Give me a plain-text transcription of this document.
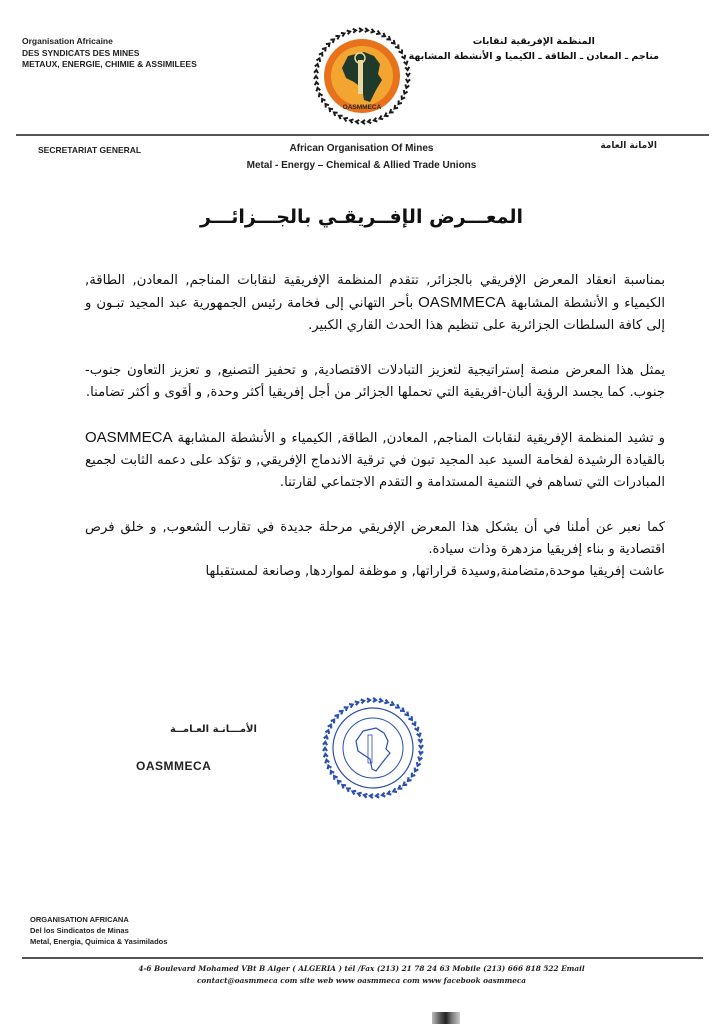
Organisation Africaine
DES SYNDICATS DES MINES
METAUX, ENERGIE, CHIMIE & ASSIMILEES
المنظمة الإفريقية لنقابات
مناجم ـ المعادن ـ الطاقة ـ الكيميا و الأنشطة المشابهة
OASMMECA
SECRETARIAT GENERAL	الامانة العامة
African Organisation Of Mines
Metal - Energy – Chemical & Allied Trade Unions
المعـــرض الإفــريقـي بالجـــزائـــر

بمناسبة انعقاد المعرض الإفريقي بالجزائر, تتقدم المنظمة الإفريقية لنقابات المناجم, المعادن, الطاقة, الكيمياء و الأنشطة المشابهة OASMMECA بأحر التهاني إلى فخامة رئيس الجمهورية عبد المجيد تبـون و إلى كافة السلطات الجزائرية على تنظيم هذا الحدث القاري الكبير.

يمثل هذا المعرض منصة إستراتيجية لتعزيز التبادلات الاقتصادية, و تحفيز التصنيع, و تعزيز التعاون جنوب-جنوب. كما يجسد الرؤية ألبان-افريقية التي تحملها الجزائر من أجل إفريقيا أكثر وحدة, و أقوى و أكثر تضامنا.

و تشيد المنظمة الإفريقية لنقابات المناجم, المعادن, الطاقة, الكيمياء و الأنشطة المشابهة OASMMECA بالقيادة الرشيدة لفخامة السيد عبد المجيد تبون في ترقية الاندماج الإفريقي, و تؤكد على دعمه الثابت لجميع المبادرات التي تساهم في التنمية المستدامة و التقدم الاجتماعي لقارتنا.

كما نعبر عن أملنا في أن يشكل هذا المعرض الإفريقي مرحلة جديدة في تقارب الشعوب, و خلق فرص اقتصادية و بناء إفريقيا مزدهرة وذات سيادة.
عاشت إفريقيا موحدة,متضامنة,وسيدة قراراتها, و موظفة لمواردها, وصانعة لمستقبلها

الأمـــانـة العـامــة
OASMMECA
ORGANISATION AFRICANA
Del los Sindicatos de Minas
Metal, Energia, Quimica & Yasimilados
4-6 Boulevard Mohamed VBt B Alger ( ALGERIA ) tél /Fax (213) 21 78 24 63 Mobile (213) 666 818 522 Email
contact@oasmmeca com site web www oasmmeca com www facebook oasmmeca
